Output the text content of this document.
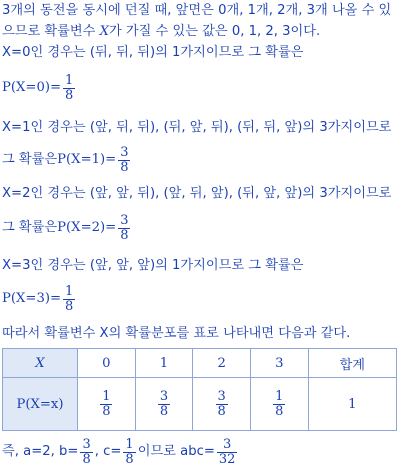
3개의 동전을 동시에 던질 때, 앞면은 0개, 1개, 2개, 3개 나올 수 있
으므로 확률변수 X가 가질 수 있는 값은 0, 1, 2, 3이다.
X=0인 경우는 (뒤, 뒤, 뒤)의 1가지이므로 그 확률은
$P(X=0)= \frac{1}{8}$
X=1인 경우는 (앞, 뒤, 뒤), (뒤, 앞, 뒤), (뒤, 뒤, 앞)의 3가지이므로
그 확률은 $P(X=1)= \frac{3}{8}$
X=2인 경우는 (앞, 앞, 뒤), (앞, 뒤, 앞), (뒤, 앞, 앞)의 3가지이므로
그 확률은 $P(X=2)= \frac{3}{8}$
X=3인 경우는 (앞, 앞, 앞)의 1가지이므로 그 확률은
$P(X=3)= \frac{1}{8}$
따라서 확률변수 X의 확률분포를 표로 나타내면 다음과 같다.
X	0	1	2	3	합계
P(X=x)	$\frac{1}{8}$	$\frac{3}{8}$	$\frac{3}{8}$	$\frac{1}{8}$	1
즉, a=2, $b= \frac{3}{8}$ , $c= \frac{1}{8}$ 이므로 $abc= \frac{3}{32}$
